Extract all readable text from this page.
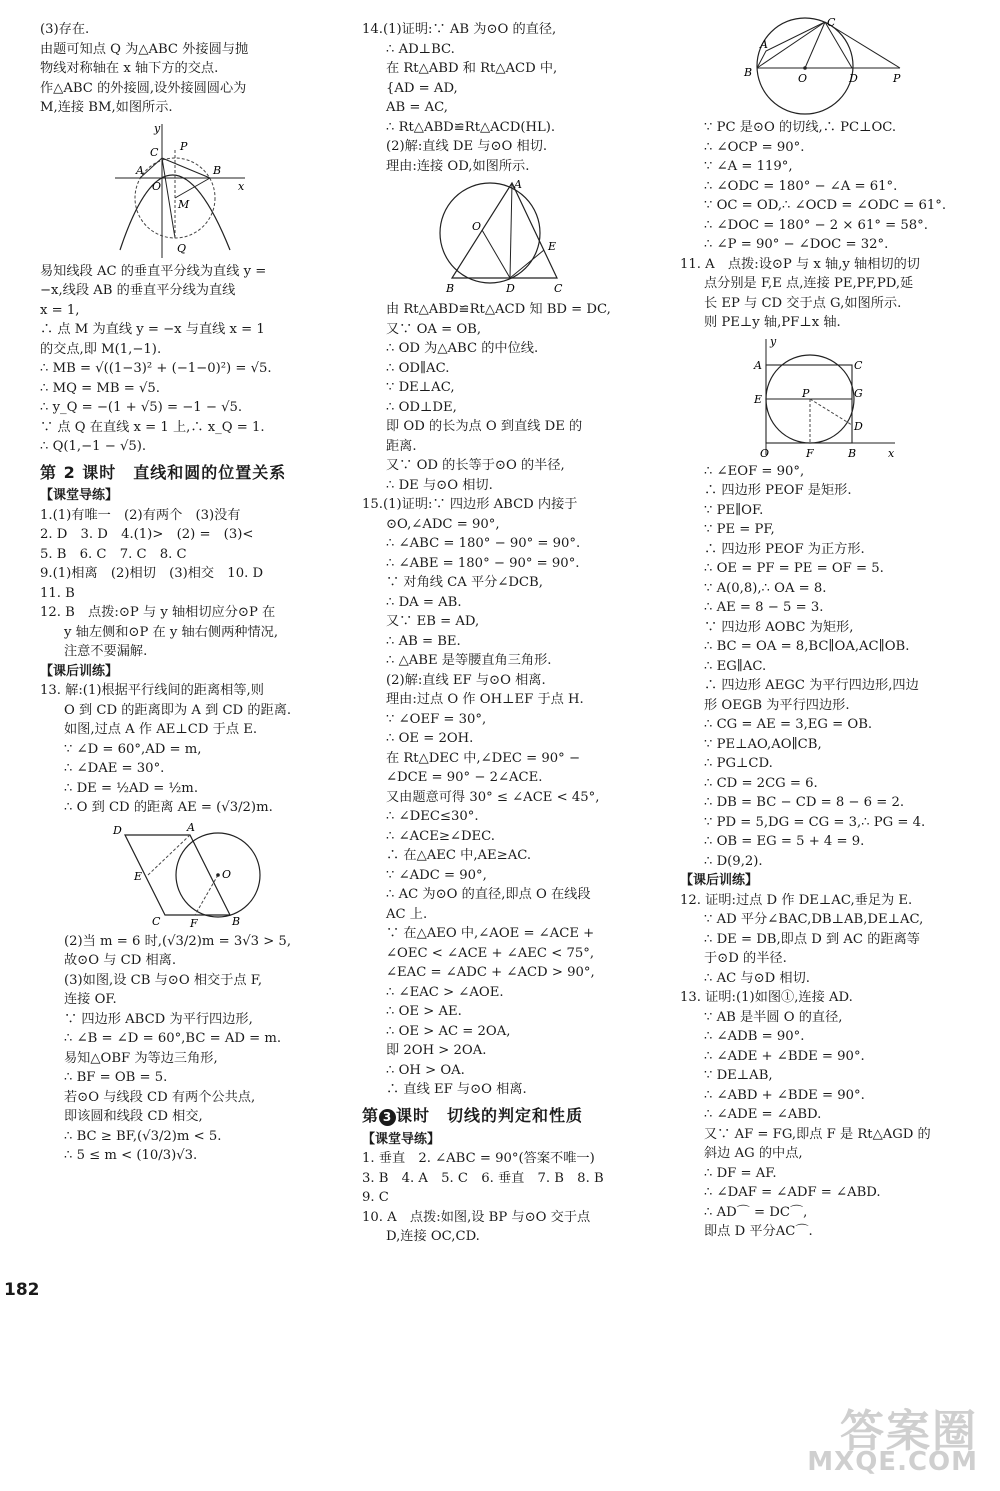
(3)存在.
由题可知点 Q 为△ABC 外接圆与抛
物线对称轴在 x 轴下方的交点.
作△ABC 的外接圆,设外接圆圆心为
M,连接 BM,如图所示.
A
C P
B
O
M
Q
x
y
易知线段 AC 的垂直平分线为直线 y =
−x,线段 AB 的垂直平分线为直线
x = 1,
∴ 点 M 为直线 y = −x 与直线 x = 1
的交点,即 M(1,−1).
∴ MB = √((1−3)² + (−1−0)²) = √5.
∴ MQ = MB = √5.
∴ y_Q = −(1 + √5) = −1 − √5.
∵ 点 Q 在直线 x = 1 上,∴ x_Q = 1.
∴ Q(1,−1 − √5).
第 2 课时　直线和圆的位置关系
【课堂导练】
1.(1)有唯一　(2)有两个　(3)没有
2. D　3. D　4.(1)>　(2) =　(3)<
5. B　6. C　7. C　8. C
9.(1)相离　(2)相切　(3)相交　10. D
11. B
12. B　点拨:⊙P 与 y 轴相切应分⊙P 在
y 轴左侧和⊙P 在 y 轴右侧两种情况,
注意不要漏解.
【课后训练】
13. 解:(1)根据平行线间的距离相等,则
O 到 CD 的距离即为 A 到 CD 的距离.
如图,过点 A 作 AE⊥CD 于点 E.
∵ ∠D = 60°,AD = m,
∴ ∠DAE = 30°.
∴ DE = ½AD = ½m.
∴ O 到 CD 的距离 AE = (√3/2)m.
D	A
E	O
C	F	B
(2)当 m = 6 时,(√3/2)m = 3√3 > 5,
故⊙O 与 CD 相离.
(3)如图,设 CB 与⊙O 相交于点 F,
连接 OF.
∵ 四边形 ABCD 为平行四边形,
∴ ∠B = ∠D = 60°,BC = AD = m.
易知△OBF 为等边三角形,
∴ BF = OB = 5.
若⊙O 与线段 CD 有两个公共点,
即该圆和线段 CD 相交,
∴ BC ≥ BF,(√3/2)m < 5.
∴ 5 ≤ m < (10/3)√3.
14.(1)证明:∵ AB 为⊙O 的直径,
∴ AD⊥BC.
在 Rt△ABD 和 Rt△ACD 中,
{AD = AD,
AB = AC,
∴ Rt△ABD≌Rt△ACD(HL).
(2)解:直线 DE 与⊙O 相切.
理由:连接 OD,如图所示.
A
O
E
B	D	C
由 Rt△ABD≌Rt△ACD 知 BD = DC,
又∵ OA = OB,
∴ OD 为△ABC 的中位线.
∴ OD∥AC.
∵ DE⊥AC,
∴ OD⊥DE,
即 OD 的长为点 O 到直线 DE 的
距离.
又∵ OD 的长等于⊙O 的半径,
∴ DE 与⊙O 相切.
15.(1)证明:∵ 四边形 ABCD 内接于
⊙O,∠ADC = 90°,
∴ ∠ABC = 180° − 90° = 90°.
∴ ∠ABE = 180° − 90° = 90°.
∵ 对角线 CA 平分∠DCB,
∴ DA = AB.
又∵ EB = AD,
∴ AB = BE.
∴ △ABE 是等腰直角三角形.
(2)解:直线 EF 与⊙O 相离.
理由:过点 O 作 OH⊥EF 于点 H.
∵ ∠OEF = 30°,
∴ OE = 2OH.
在 Rt△DEC 中,∠DEC = 90° −
∠DCE = 90° − 2∠ACE.
又由题意可得 30° ≤ ∠ACE < 45°,
∴ ∠DEC≤30°.
∴ ∠ACE≥∠DEC.
∴ 在△AEC 中,AE≥AC.
∵ ∠ADC = 90°,
∴ AC 为⊙O 的直径,即点 O 在线段
AC 上.
∵ 在△AEO 中,∠AOE = ∠ACE +
∠OEC < ∠ACE + ∠AEC < 75°,
∠EAC = ∠ADC + ∠ACD > 90°,
∴ ∠EAC > ∠AOE.
∴ OE > AE.
∴ OE > AC = 2OA,
即 2OH > 2OA.
∴ OH > OA.
∴ 直线 EF 与⊙O 相离.
第 3 课时　切线的判定和性质
【课堂导练】
1. 垂直　2. ∠ABC = 90°(答案不唯一)
3. B　4. A　5. C　6. 垂直　7. B　8. B
9. C
10. A　点拨:如图,设 BP 与⊙O 交于点
D,连接 OC,CD.
A
C
B	O	D	P
∵ PC 是⊙O 的切线,∴ PC⊥OC.
∴ ∠OCP = 90°.
∵ ∠A = 119°,
∴ ∠ODC = 180° − ∠A = 61°.
∵ OC = OD,∴ ∠OCD = ∠ODC = 61°.
∴ ∠DOC = 180° − 2 × 61° = 58°.
∴ ∠P = 90° − ∠DOC = 32°.
11. A　点拨:设⊙P 与 x 轴,y 轴相切的切
点分别是 F,E 点,连接 PE,PF,PD,延
长 EP 与 CD 交于点 G,如图所示.
则 PE⊥y 轴,PF⊥x 轴.
A
E	P
C
G
D
O	F	B	x
y
∴ ∠EOF = 90°,
∴ 四边形 PEOF 是矩形.
∵ PE∥OF.
∵ PE = PF,
∴ 四边形 PEOF 为正方形.
∴ OE = PF = PE = OF = 5.
∵ A(0,8),∴ OA = 8.
∴ AE = 8 − 5 = 3.
∵ 四边形 AOBC 为矩形,
∴ BC = OA = 8,BC∥OA,AC∥OB.
∴ EG∥AC.
∴ 四边形 AEGC 为平行四边形,四边
形 OEGB 为平行四边形.
∴ CG = AE = 3,EG = OB.
∵ PE⊥AO,AO∥CB,
∴ PG⊥CD.
∴ CD = 2CG = 6.
∴ DB = BC − CD = 8 − 6 = 2.
∵ PD = 5,DG = CG = 3,∴ PG = 4.
∴ OB = EG = 5 + 4 = 9.
∴ D(9,2).
【课后训练】
12. 证明:过点 D 作 DE⊥AC,垂足为 E.
∵ AD 平分∠BAC,DB⊥AB,DE⊥AC,
∴ DE = DB,即点 D 到 AC 的距离等
于⊙D 的半径.
∴ AC 与⊙D 相切.
13. 证明:(1)如图①,连接 AD.
∵ AB 是半圆 O 的直径,
∴ ∠ADB = 90°.
∴ ∠ADE + ∠BDE = 90°.
∵ DE⊥AB,
∴ ∠ABD + ∠BDE = 90°.
∴ ∠ADE = ∠ABD.
又∵ AF = FG,即点 F 是 Rt△AGD 的
斜边 AG 的中点,
∴ DF = AF.
∴ ∠DAF = ∠ADF = ∠ABD.
∴ AD⌒ = DC⌒,
即点 D 平分AC⌒.
182
答案圈
MXQE.COM
